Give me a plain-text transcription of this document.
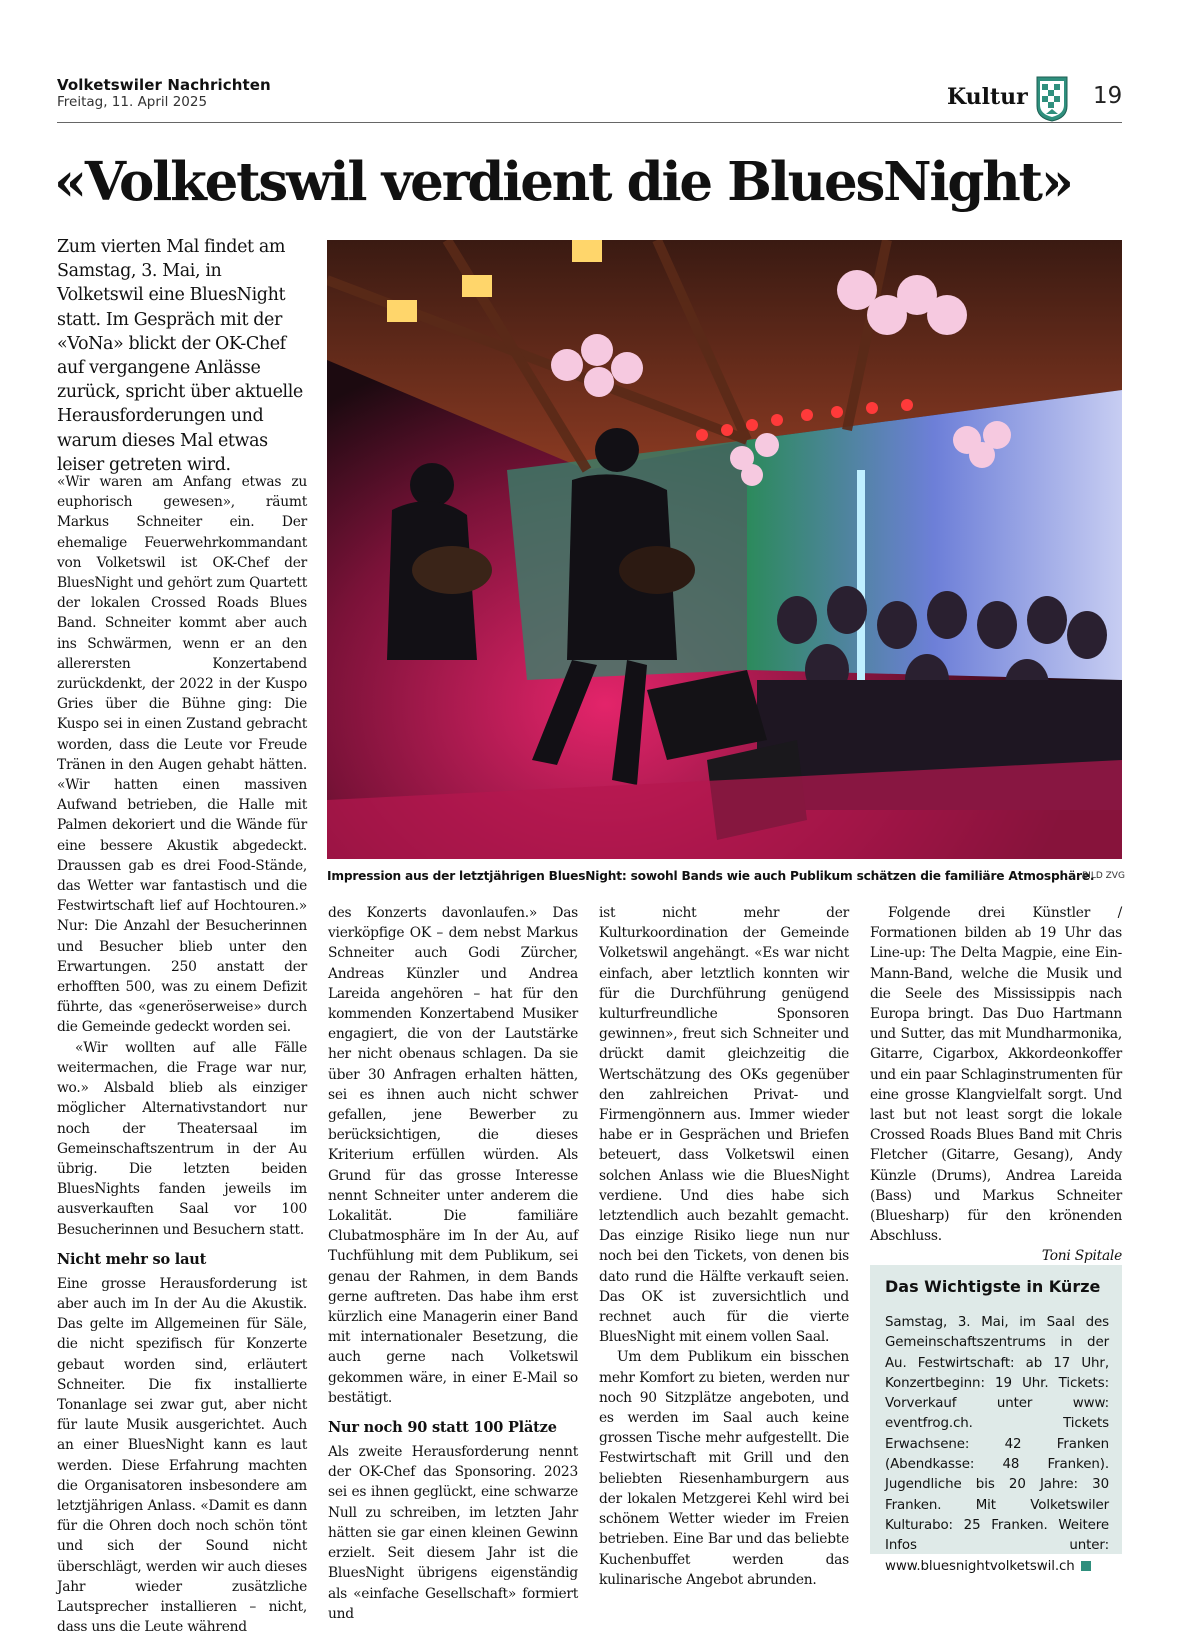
Volketswiler Nachrichten
Freitag, 11. April 2025	Kultur	19
«Volketswil verdient die BluesNight»
Zum vierten Mal findet am Samstag, 3. Mai, in Volketswil eine BluesNight statt. Im Gespräch mit der «VoNa» blickt der OK-Chef auf vergangene Anlässe zurück, spricht über aktuelle Herausforderungen und warum dieses Mal etwas leiser getreten wird.
Impression aus der letztjährigen BluesNight: sowohl Bands wie auch Publikum schätzen die familiäre Atmosphäre.
BILD ZVG

«Wir waren am Anfang etwas zu euphorisch gewesen», räumt Markus Schneiter ein. Der ehemalige Feuerwehrkommandant von Volketswil ist OK-Chef der BluesNight und gehört zum Quartett der lokalen Crossed Roads Blues Band. Schneiter kommt aber auch ins Schwärmen, wenn er an den allerersten Konzertabend zurückdenkt, der 2022 in der Kuspo Gries über die Bühne ging: Die Kuspo sei in einen Zustand gebracht worden, dass die Leute vor Freude Tränen in den Augen gehabt hätten. «Wir hatten einen massiven Aufwand betrieben, die Halle mit Palmen dekoriert und die Wände für eine bessere Akustik abgedeckt. Draussen gab es drei Food-Stände, das Wetter war fantastisch und die Festwirtschaft lief auf Hochtouren.» Nur: Die Anzahl der Besucherinnen und Besucher blieb unter den Erwartungen. 250 anstatt der erhofften 500, was zu einem Defizit führte, das «generöserweise» durch die Gemeinde gedeckt worden sei.

«Wir wollten auf alle Fälle weitermachen, die Frage war nur, wo.» Alsbald blieb als einziger möglicher Alternativstandort nur noch der Theatersaal im Gemeinschaftszentrum in der Au übrig. Die letzten beiden BluesNights fanden jeweils im ausverkauften Saal vor 100 Besucherinnen und Besuchern statt.

Nicht mehr so laut

Eine grosse Herausforderung ist aber auch im In der Au die Akustik. Das gelte im Allgemeinen für Säle, die nicht spezifisch für Konzerte gebaut worden sind, erläutert Schneiter. Die fix installierte Tonanlage sei zwar gut, aber nicht für laute Musik ausgerichtet. Auch an einer BluesNight kann es laut werden. Diese Erfahrung machten die Organisatoren insbesondere am letztjährigen Anlass. «Damit es dann für die Ohren doch noch schön tönt und sich der Sound nicht überschlägt, werden wir auch dieses Jahr wieder zusätzliche Lautsprecher installieren – nicht, dass uns die Leute während

des Konzerts davonlaufen.» Das vierköpfige OK – dem nebst Markus Schneiter auch Godi Zürcher, Andreas Künzler und Andrea Lareida angehören – hat für den kommenden Konzertabend Musiker engagiert, die von der Lautstärke her nicht obenaus schlagen. Da sie über 30 Anfragen erhalten hätten, sei es ihnen auch nicht schwer gefallen, jene Bewerber zu berücksichtigen, die dieses Kriterium erfüllen würden. Als Grund für das grosse Interesse nennt Schneiter unter anderem die Lokalität. Die familiäre Clubatmosphäre im In der Au, auf Tuchfühlung mit dem Publikum, sei genau der Rahmen, in dem Bands gerne auftreten. Das habe ihm erst kürzlich eine Managerin einer Band mit internationaler Besetzung, die auch gerne nach Volketswil gekommen wäre, in einer E-Mail so bestätigt.

Nur noch 90 statt 100 Plätze

Als zweite Herausforderung nennt der OK-Chef das Sponsoring. 2023 sei es ihnen geglückt, eine schwarze Null zu schreiben, im letzten Jahr hätten sie gar einen kleinen Gewinn erzielt. Seit diesem Jahr ist die BluesNight übrigens eigenständig als «einfache Gesellschaft» formiert und

ist nicht mehr der Kulturkoordination der Gemeinde Volketswil angehängt. «Es war nicht einfach, aber letztlich konnten wir für die Durchführung genügend kulturfreundliche Sponsoren gewinnen», freut sich Schneiter und drückt damit gleichzeitig die Wertschätzung des OKs gegenüber den zahlreichen Privat- und Firmengönnern aus. Immer wieder habe er in Gesprächen und Briefen beteuert, dass Volketswil einen solchen Anlass wie die BluesNight verdiene. Und dies habe sich letztendlich auch bezahlt gemacht. Das einzige Risiko liege nun nur noch bei den Tickets, von denen bis dato rund die Hälfte verkauft seien. Das OK ist zuversichtlich und rechnet auch für die vierte BluesNight mit einem vollen Saal.

Um dem Publikum ein bisschen mehr Komfort zu bieten, werden nur noch 90 Sitzplätze angeboten, und es werden im Saal auch keine grossen Tische mehr aufgestellt. Die Festwirtschaft mit Grill und den beliebten Riesenhamburgern aus der lokalen Metzgerei Kehl wird bei schönem Wetter wieder im Freien betrieben. Eine Bar und das beliebte Kuchenbuffet werden das kulinarische Angebot abrunden.

Folgende drei Künstler / Formationen bilden ab 19 Uhr das Line-up: The Delta Magpie, eine Ein-Mann-Band, welche die Musik und die Seele des Mississippis nach Europa bringt. Das Duo Hartmann und Sutter, das mit Mundharmonika, Gitarre, Cigarbox, Akkordeonkoffer und ein paar Schlaginstrumenten für eine grosse Klangvielfalt sorgt. Und last but not least sorgt die lokale Crossed Roads Blues Band mit Chris Fletcher (Gitarre, Gesang), Andy Künzle (Drums), Andrea Lareida (Bass) und Markus Schneiter (Bluesharp) für den krönenden Abschluss.

Toni Spitale

Das Wichtigste in Kürze
Samstag, 3. Mai, im Saal des Gemeinschaftszentrums in der Au. Festwirtschaft: ab 17 Uhr, Konzertbeginn: 19 Uhr. Tickets: Vorverkauf unter www: eventfrog.ch. Tickets Erwachsene: 42 Franken (Abendkasse: 48 Franken). Jugendliche bis 20 Jahre: 30 Franken. Mit Volketswiler Kulturabo: 25 Franken. Weitere Infos unter: www.bluesnightvolketswil.ch
